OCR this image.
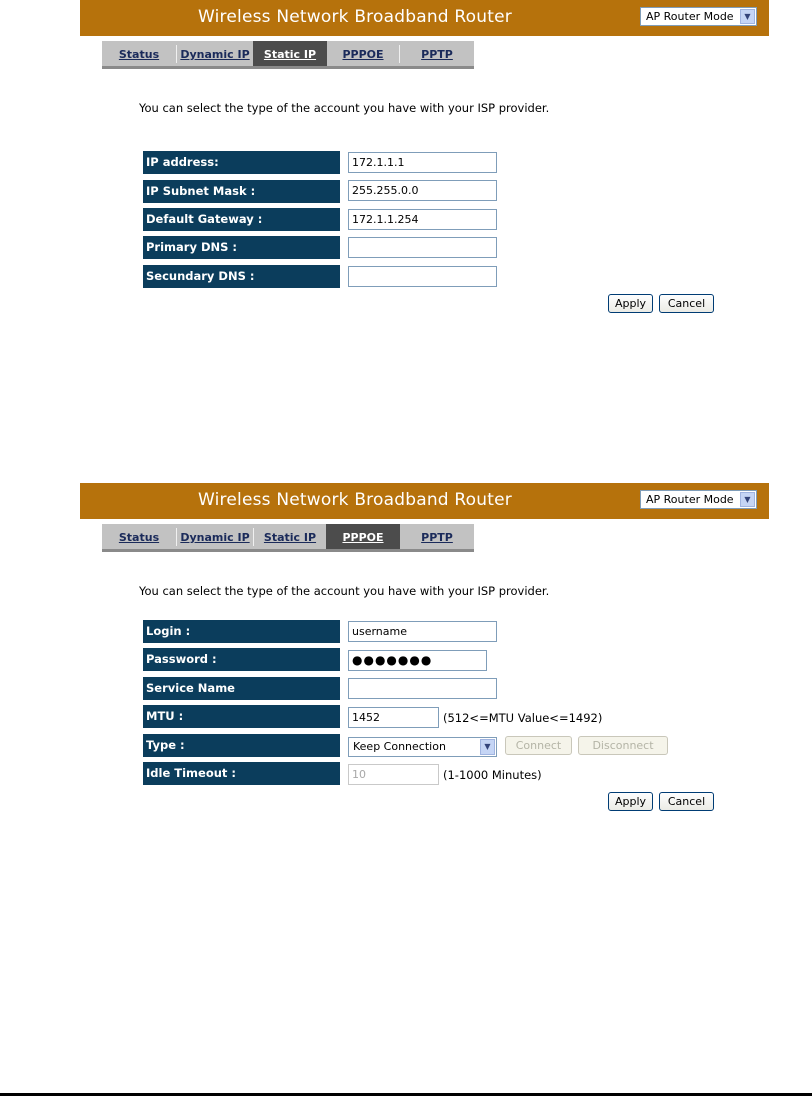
Wireless Network Broadband Router	AP Router Mode	▼
Status	Dynamic IP	Static IP	PPPOE	PPTP
You can select the type of the account you have with your ISP provider.
IP address:	172.1.1.1
IP Subnet Mask :	255.255.0.0
Default Gateway :	172.1.1.254
Primary DNS :
Secundary DNS :
Apply	Cancel
Wireless Network Broadband Router	AP Router Mode	▼
Status	Dynamic IP	Static IP	PPPOE	PPTP
You can select the type of the account you have with your ISP provider.
Login :	username
Password :	●●●●●●●
Service Name
MTU :	1452	(512<=MTU Value<=1492)
Type :	Keep Connection	▼	Connect	Disconnect
Idle Timeout :	10	(1-1000 Minutes)
Apply	Cancel
